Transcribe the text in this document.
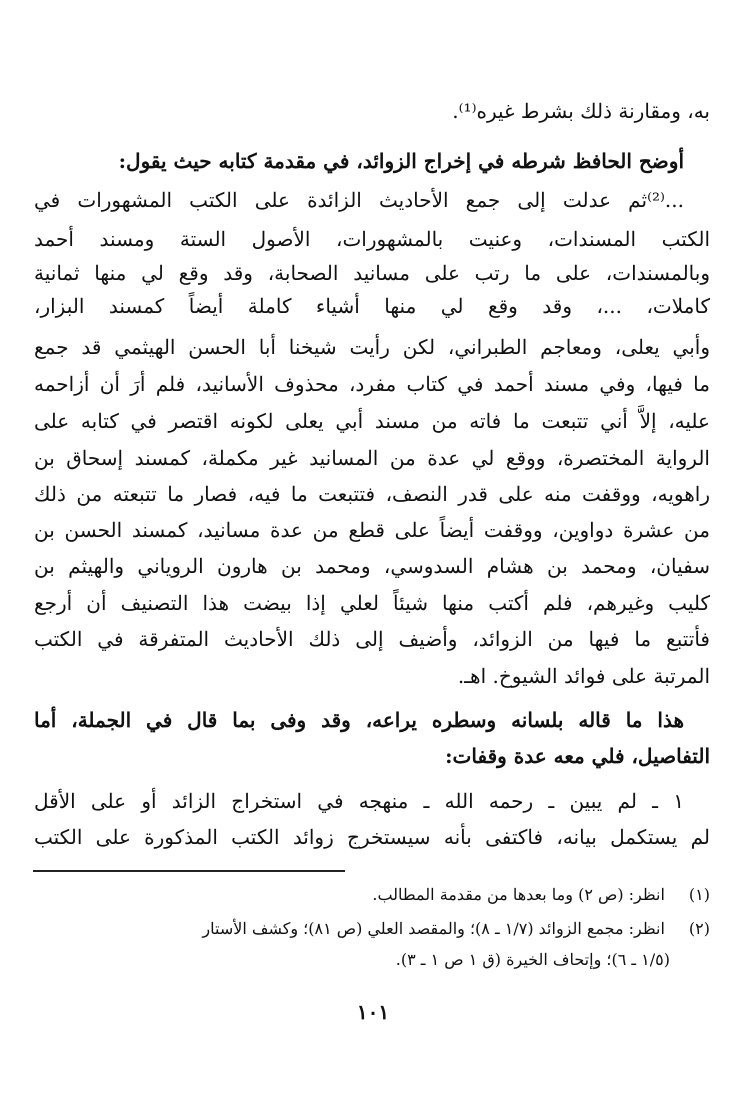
به، ومقارنة ذلك بشرط غيره⁽¹⁾.
أوضح الحافظ شرطه في إخراج الزوائد، في مقدمة كتابه حيث يقول:
...⁽²⁾ثم عدلت إلى جمع الأحاديث الزائدة على الكتب المشهورات في
الكتب المسندات، وعنيت بالمشهورات، الأصول الستة ومسند أحمد
وبالمسندات، على ما رتب على مسانيد الصحابة، وقد وقع لي منها ثمانية
كاملات، ...، وقد وقع لي منها أشياء كاملة أيضاً كمسند البزار،
وأبي يعلى، ومعاجم الطبراني، لكن رأيت شيخنا أبا الحسن الهيثمي قد جمع
ما فيها، وفي مسند أحمد في كتاب مفرد، محذوف الأسانيد، فلم أرَ أن أزاحمه
عليه، إلاَّ أني تتبعت ما فاته من مسند أبي يعلى لكونه اقتصر في كتابه على
الرواية المختصرة، ووقع لي عدة من المسانيد غير مكملة، كمسند إسحاق بن
راهويه، ووقفت منه على قدر النصف، فتتبعت ما فيه، فصار ما تتبعته من ذلك
من عشرة دواوين، ووقفت أيضاً على قطع من عدة مسانيد، كمسند الحسن بن
سفيان، ومحمد بن هشام السدوسي، ومحمد بن هارون الروياني والهيثم بن
كليب وغيرهم، فلم أكتب منها شيئاً لعلي إذا بيضت هذا التصنيف أن أرجع
فأتتبع ما فيها من الزوائد، وأضيف إلى ذلك الأحاديث المتفرقة في الكتب
المرتبة على فوائد الشيوخ. اهـ.
هذا ما قاله بلسانه وسطره يراعه، وقد وفى بما قال في الجملة، أما
التفاصيل، فلي معه عدة وقفات:
١ ـ لم يبين ـ رحمه الله ـ منهجه في استخراج الزائد أو على الأقل
لم يستكمل بيانه، فاكتفى بأنه سيستخرج زوائد الكتب المذكورة على الكتب
(١) انظر: (ص ٢) وما بعدها من مقدمة المطالب.
(٢) انظر: مجمع الزوائد (١/٧ ـ ٨)؛ والمقصد العلي (ص ٨١)؛ وكشف الأستار
(١/٥ ـ ٦)؛ وإتحاف الخيرة (ق ١ ص ١ ـ ٣).
١٠١
